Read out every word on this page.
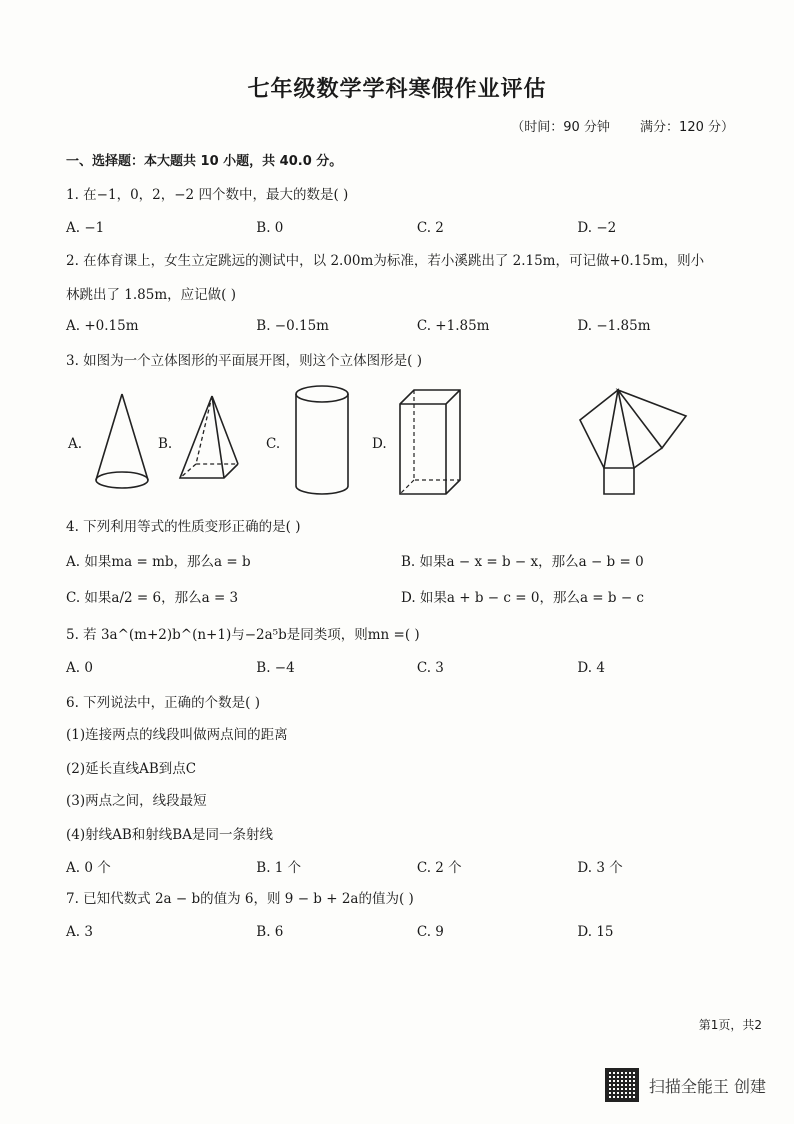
七年级数学学科寒假作业评估
（时间：90 分钟 满分：120 分）
一、选择题：本大题共 10 小题，共 40.0 分。
1. 在−1，0，2，−2 四个数中，最大的数是( )
A. −1	B. 0	C. 2	D. −2
2. 在体育课上，女生立定跳远的测试中，以 2.00m为标准，若小溪跳出了 2.15m，可记做+0.15m，则小
林跳出了 1.85m，应记做( )
A. +0.15m	B. −0.15m	C. +1.85m	D. −1.85m
3. 如图为一个立体图形的平面展开图，则这个立体图形是( )
A.	B.	C.	D.
4. 下列利用等式的性质变形正确的是( )
A. 如果ma = mb，那么a = b	B. 如果a − x = b − x，那么a − b = 0
C. 如果a/2 = 6，那么a = 3	D. 如果a + b − c = 0，那么a = b − c
5. 若 3a^(m+2)b^(n+1)与−2a⁵b是同类项，则mn =( )
A. 0	B. −4	C. 3	D. 4
6. 下列说法中，正确的个数是( )
(1)连接两点的线段叫做两点间的距离
(2)延长直线AB到点C
(3)两点之间，线段最短
(4)射线AB和射线BA是同一条射线
A. 0 个	B. 1 个	C. 2 个	D. 3 个
7. 已知代数式 2a − b的值为 6，则 9 − b + 2a的值为( )
A. 3	B. 6	C. 9	D. 15
第1页，共2
扫描全能王 创建
